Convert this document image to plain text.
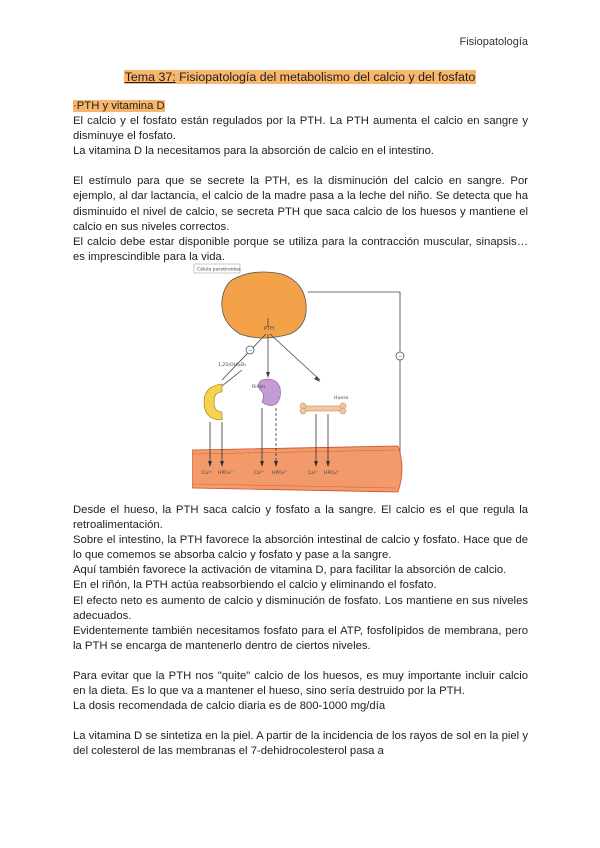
Fisiopatología
Tema 37: Fisiopatología del metabolismo del calcio y del fosfato

·PTH y vitamina D

El calcio y el fosfato están regulados por la PTH. La PTH aumenta el calcio en sangre y disminuye el fosfato.

La vitamina D la necesitamos para la absorción de calcio en el intestino.

El estímulo para que se secrete la PTH, es la disminución del calcio en sangre. Por ejemplo, al dar lactancia, el calcio de la madre pasa a la leche del niño. Se detecta que ha disminuido el nivel de calcio, se secreta PTH que saca calcio de los huesos y mantiene el calcio en sus niveles correctos.

El calcio debe estar disponible porque se utiliza para la contracción muscular, sinapsis… es imprescindible para la vida.

Célula paratiroidea
−
PTH
−
1,25(OH)₂D₃
Riñón
Hueso
Ca²⁺ HPO₄²⁻	Ca²⁺ HPO₄²⁻	Ca²⁺ HPO₄²⁻

Desde el hueso, la PTH saca calcio y fosfato a la sangre. El calcio es el que regula la retroalimentación.

Sobre el intestino, la PTH favorece la absorción intestinal de calcio y fosfato. Hace que de lo que comemos se absorba calcio y fosfato y pase a la sangre.

Aquí también favorece la activación de vitamina D, para facilitar la absorción de calcio.

En el riñón, la PTH actúa reabsorbiendo el calcio y eliminando el fosfato.

El efecto neto es aumento de calcio y disminución de fosfato. Los mantiene en sus niveles adecuados.

Evidentemente también necesitamos fosfato para el ATP, fosfolípidos de membrana, pero la PTH se encarga de mantenerlo dentro de ciertos niveles.

Para evitar que la PTH nos "quite" calcio de los huesos, es muy importante incluir calcio en la dieta. Es lo que va a mantener el hueso, sino sería destruido por la PTH.

La dosis recomendada de calcio diaria es de 800-1000 mg/día

La vitamina D se sintetiza en la piel. A partir de la incidencia de los rayos de sol en la piel y del colesterol de las membranas el 7-dehidrocolesterol pasa a
